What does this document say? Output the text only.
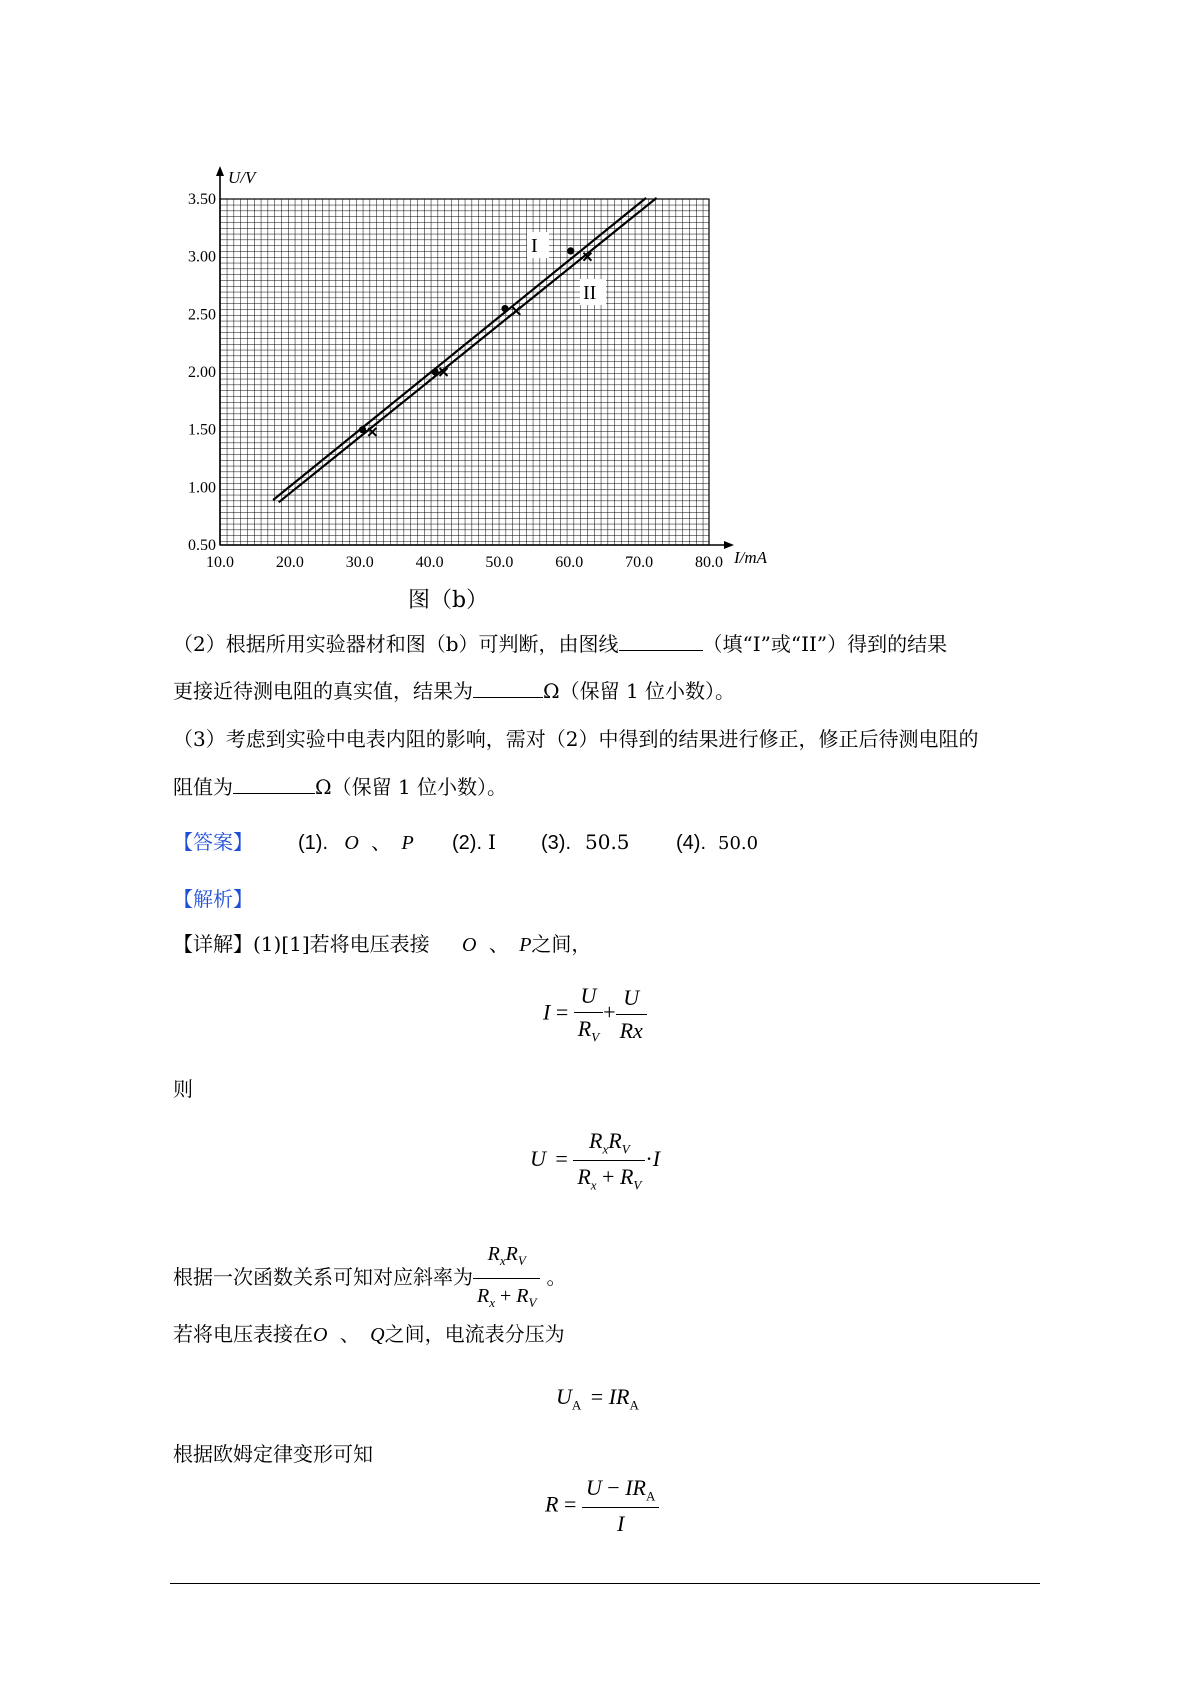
10.0	20.0	30.0	40.0	50.0	60.0	70.0	80.0
0.50
1.00
1.50
2.00
2.50
3.00
3.50
U/V
I/mA
I
II
图（b）
（2）根据所用实验器材和图（b）可判断，由图线	（填“I”或“II”）得到的结果
更接近待测电阻的真实值，结果为	Ω（保留 1 位小数）。
（3）考虑到实验中电表内阻的影响，需对（2）中得到的结果进行修正，修正后待测电阻的
阻值为	Ω（保留 1 位小数）。
【答案】 (1). O 、 P (2). I (3). 50.5 (4). 50.0
【解析】
【详解】(1)[1]若将电压表接 O 、 P之间，
$I = \frac{U}{R_V} + \frac{U}{Rx}$
则
$U = \frac{R_xR_V}{R_x + R_V} \cdot I$
根据一次函数关系可知对应斜率为 $\frac{R_xR_V}{R_x + R_V}$ 。
若将电压表接在O 、 Q之间，电流表分压为
$U_A = IR_A$
根据欧姆定律变形可知
$R = \frac{U - IR_A}{I}$
